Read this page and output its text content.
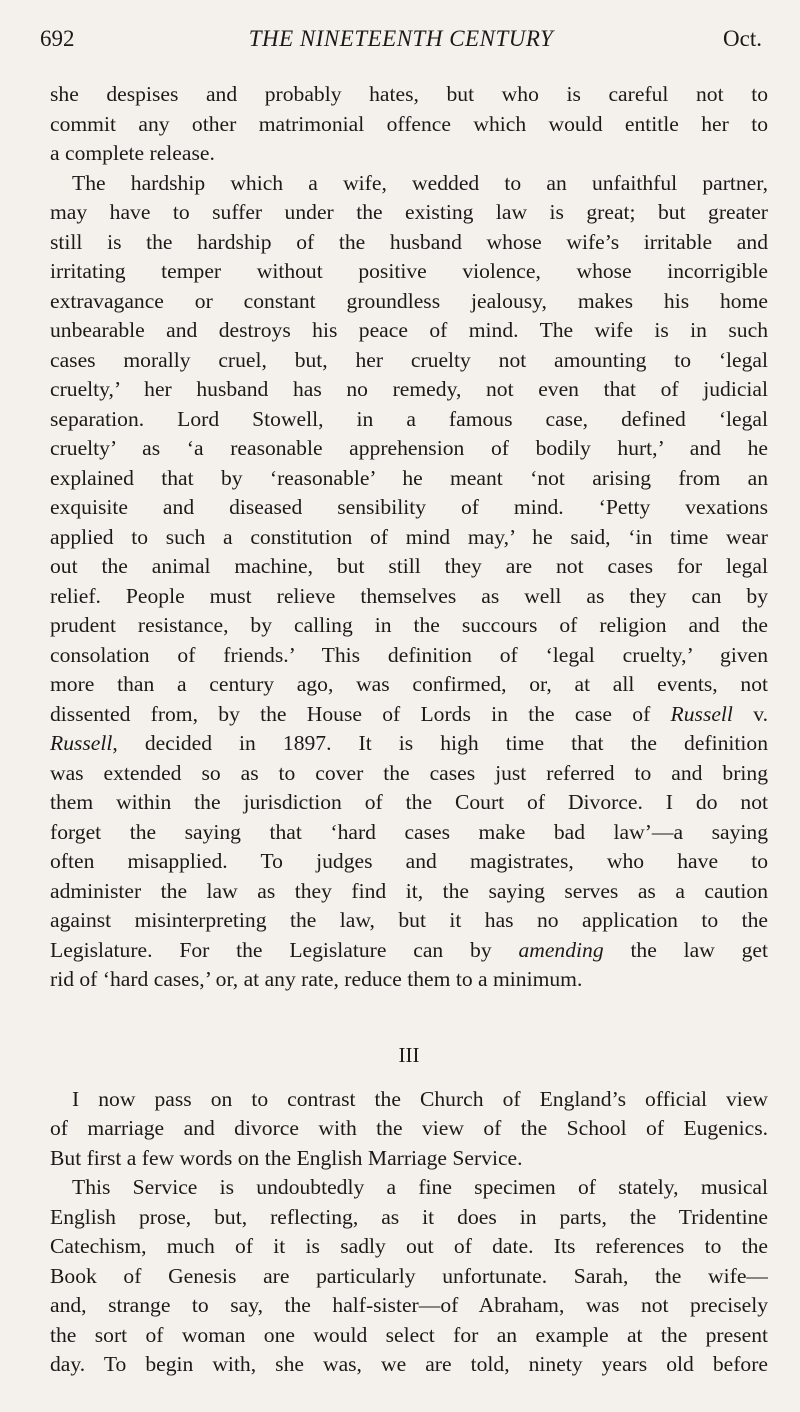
692	THE NINETEENTH CENTURY	Oct.
she despises and probably hates, but who is careful not to
commit any other matrimonial offence which would entitle her to
a complete release.
The hardship which a wife, wedded to an unfaithful partner,
may have to suffer under the existing law is great; but greater
still is the hardship of the husband whose wife’s irritable and
irritating temper without positive violence, whose incorrigible
extravagance or constant groundless jealousy, makes his home
unbearable and destroys his peace of mind. The wife is in such
cases morally cruel, but, her cruelty not amounting to ‘legal
cruelty,’ her husband has no remedy, not even that of judicial
separation. Lord Stowell, in a famous case, defined ‘legal
cruelty’ as ‘a reasonable apprehension of bodily hurt,’ and he
explained that by ‘reasonable’ he meant ‘not arising from an
exquisite and diseased sensibility of mind. ‘Petty vexations
applied to such a constitution of mind may,’ he said, ‘in time wear
out the animal machine, but still they are not cases for legal
relief. People must relieve themselves as well as they can by
prudent resistance, by calling in the succours of religion and the
consolation of friends.’ This definition of ‘legal cruelty,’ given
more than a century ago, was confirmed, or, at all events, not
dissented from, by the House of Lords in the case of Russell v.
Russell, decided in 1897. It is high time that the definition
was extended so as to cover the cases just referred to and bring
them within the jurisdiction of the Court of Divorce. I do not
forget the saying that ‘hard cases make bad law’—a saying
often misapplied. To judges and magistrates, who have to
administer the law as they find it, the saying serves as a caution
against misinterpreting the law, but it has no application to the
Legislature. For the Legislature can by amending the law get
rid of ‘hard cases,’ or, at any rate, reduce them to a minimum.
III
I now pass on to contrast the Church of England’s official view
of marriage and divorce with the view of the School of Eugenics.
But first a few words on the English Marriage Service.
This Service is undoubtedly a fine specimen of stately, musical
English prose, but, reflecting, as it does in parts, the Tridentine
Catechism, much of it is sadly out of date. Its references to the
Book of Genesis are particularly unfortunate. Sarah, the wife—
and, strange to say, the half-sister—of Abraham, was not precisely
the sort of woman one would select for an example at the present
day. To begin with, she was, we are told, ninety years old before
